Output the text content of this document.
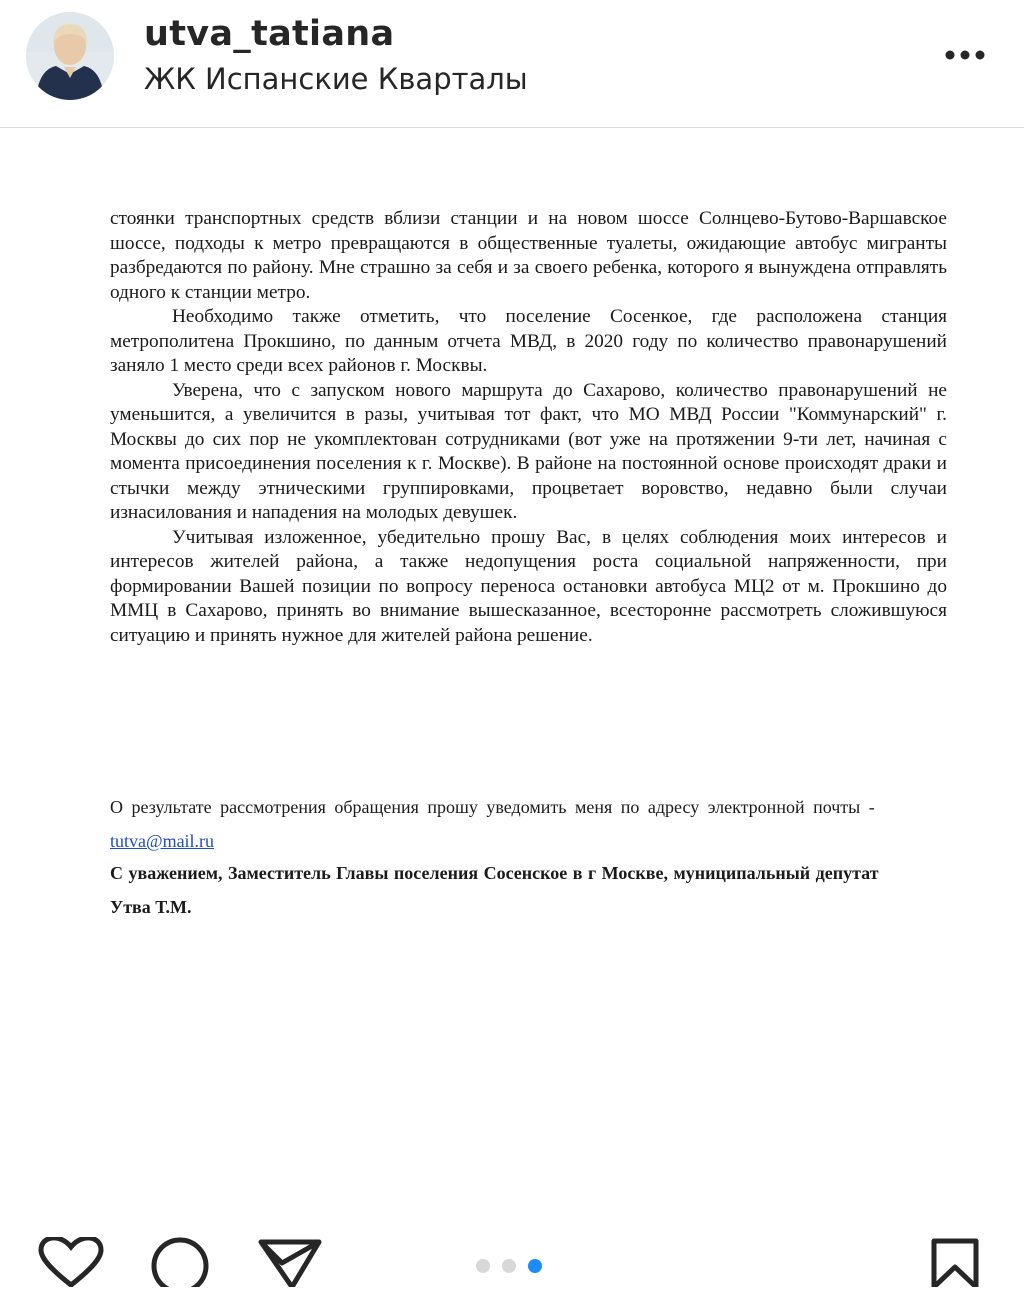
utva_tatiana
ЖК Испанские Кварталы

стоянки транспортных средств вблизи станции и на новом шоссе Солнцево-Бутово-Варшавское шоссе, подходы к метро превращаются в общественные туалеты, ожидающие автобус мигранты разбредаются по району. Мне страшно за себя и за своего ребенка, которого я вынуждена отправлять одного к станции метро.

Необходимо также отметить, что поселение Сосенкое, где расположена станция метрополитена Прокшино, по данным отчета МВД, в 2020 году по количество правонарушений заняло 1 место среди всех районов г. Москвы.

Уверена, что с запуском нового маршрута до Сахарово, количество правонарушений не уменьшится, а увеличится в разы, учитывая тот факт, что МО МВД России "Коммунарский" г. Москвы до сих пор не укомплектован сотрудниками (вот уже на протяжении 9-ти лет, начиная с момента присоединения поселения к г. Москве). В районе на постоянной основе происходят драки и стычки между этническими группировками, процветает воровство, недавно были случаи изнасилования и нападения на молодых девушек.

Учитывая изложенное, убедительно прошу Вас, в целях соблюдения моих интересов и интересов жителей района, а также недопущения роста социальной напряженности, при формировании Вашей позиции по вопросу переноса остановки автобуса МЦ2 от м. Прокшино до ММЦ в Сахарово, принять во внимание вышесказанное, всесторонне рассмотреть сложившуюся ситуацию и принять нужное для жителей района решение.

О результате рассмотрения обращения прошу уведомить меня по адресу электронной почты -
tutva@mail.ru
С уважением, Заместитель Главы поселения Сосенское в г Москве, муниципальный депутат
Утва Т.М.
